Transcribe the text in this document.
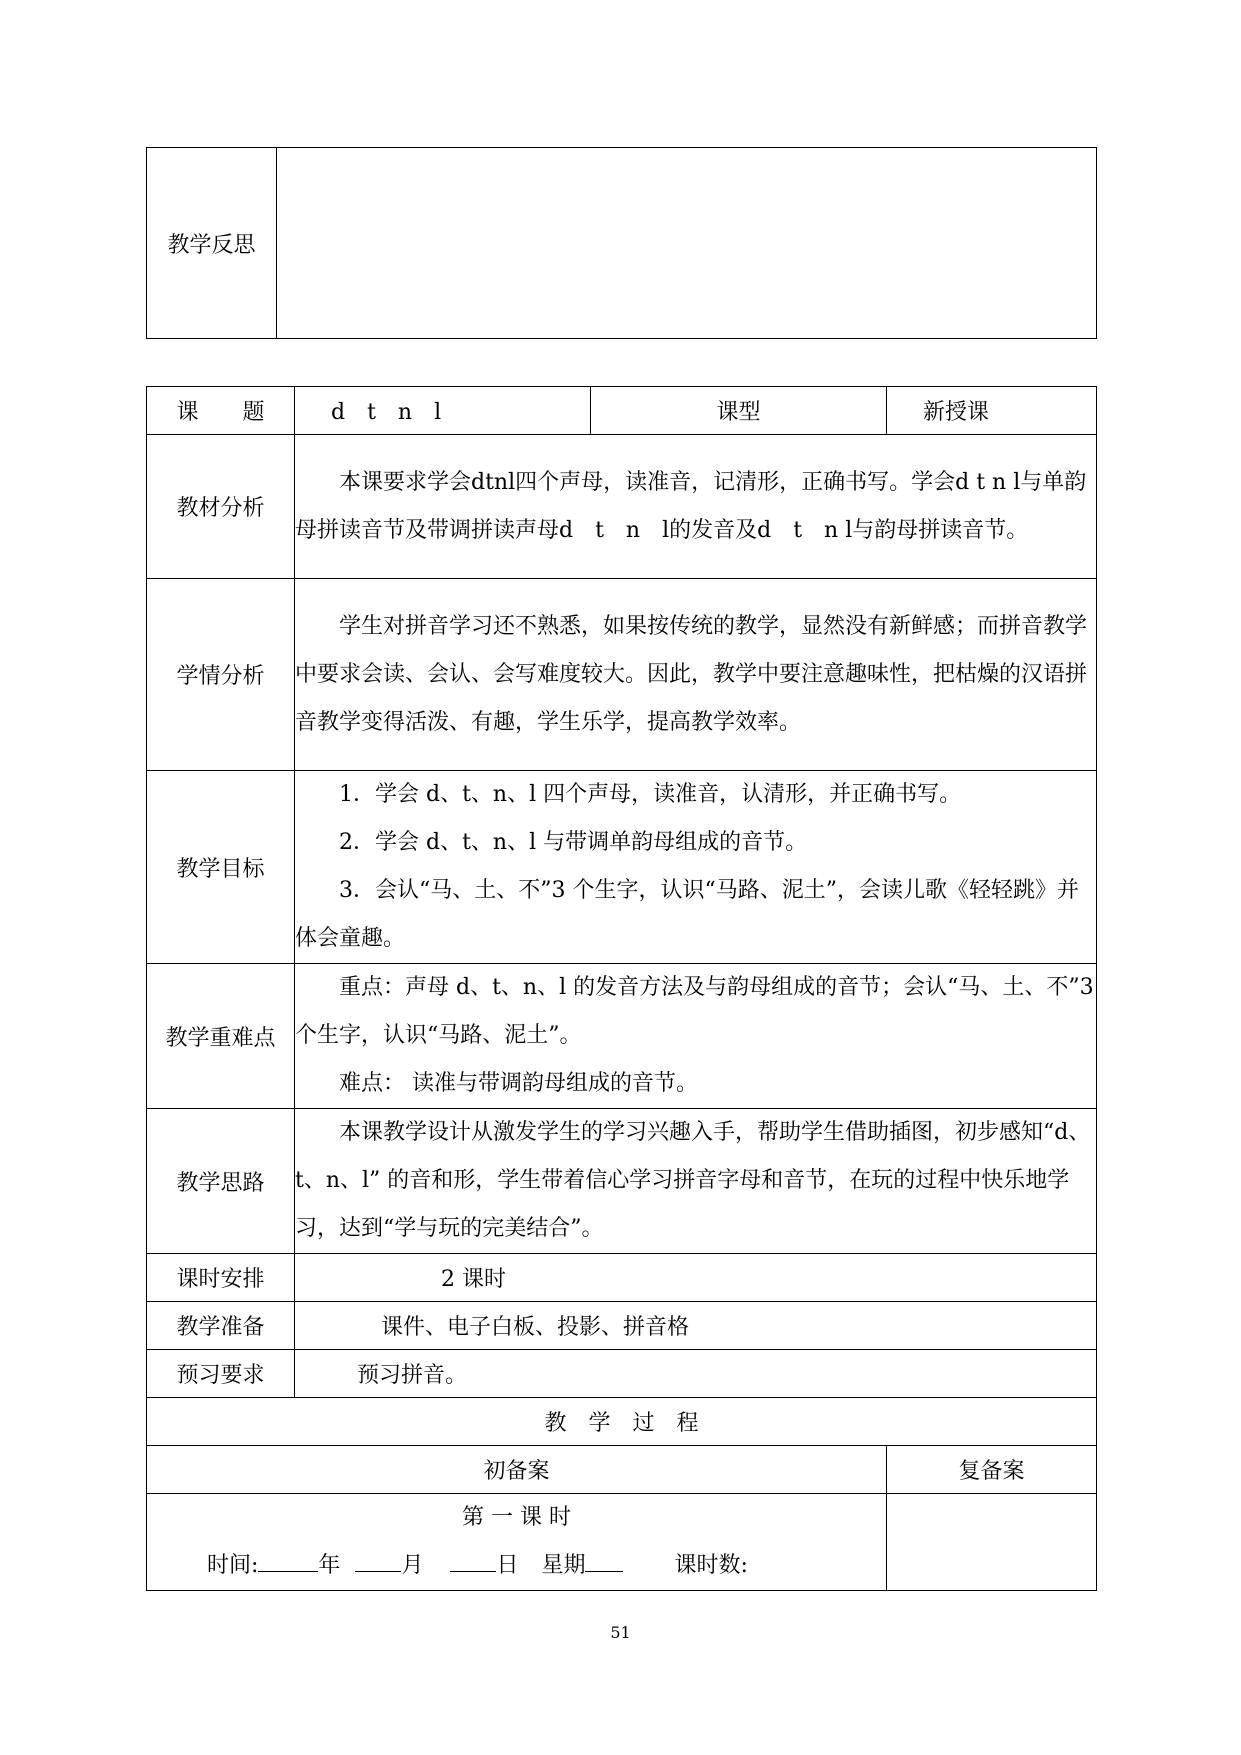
教学反思	
课　　题	d　t　n　l	课型	新授课
教材分析	本课要求学会dtnl四个声母，读准音，记清形，正确书写。学会d t n l与单韵母拼读音节及带调拼读声母d　t　n　l的发音及d　t　n l与韵母拼读音节。		

学情分析	学生对拼音学习还不熟悉，如果按传统的教学，显然没有新鲜感；而拼音教学中要求会读、会认、会写难度较大。因此，教学中要注意趣味性，把枯燥的汉语拼音教学变得活泼、有趣，学生乐学，提高教学效率。		

教学目标	1．学会 d、t、n、l 四个声母，读准音，认清形，并正确书写。

2．学会 d、t、n、l 与带调单韵母组成的音节。

3．会认“马、土、不”3 个生字，认识“马路、泥土”，会读儿歌《轻轻跳》并体会童趣。		

教学重难点	重点：声母 d、t、n、l 的发音方法及与韵母组成的音节；会认“马、土、不”3 个生字，认识“马路、泥土”。

难点： 读准与带调韵母组成的音节。		

教学思路	本课教学设计从激发学生的学习兴趣入手，帮助学生借助插图，初步感知“d、t、n、l” 的音和形，学生带着信心学习拼音字母和音节，在玩的过程中快乐地学习，达到“学与玩的完美结合”。		

课时安排	2 课时		
教学准备	课件、电子白板、投影、拼音格		
预习要求	预习拼音。		
教　学　过　程			
初备案			复备案

第 一 课 时
时间: 年 月 日 星期 课时数:			

51
